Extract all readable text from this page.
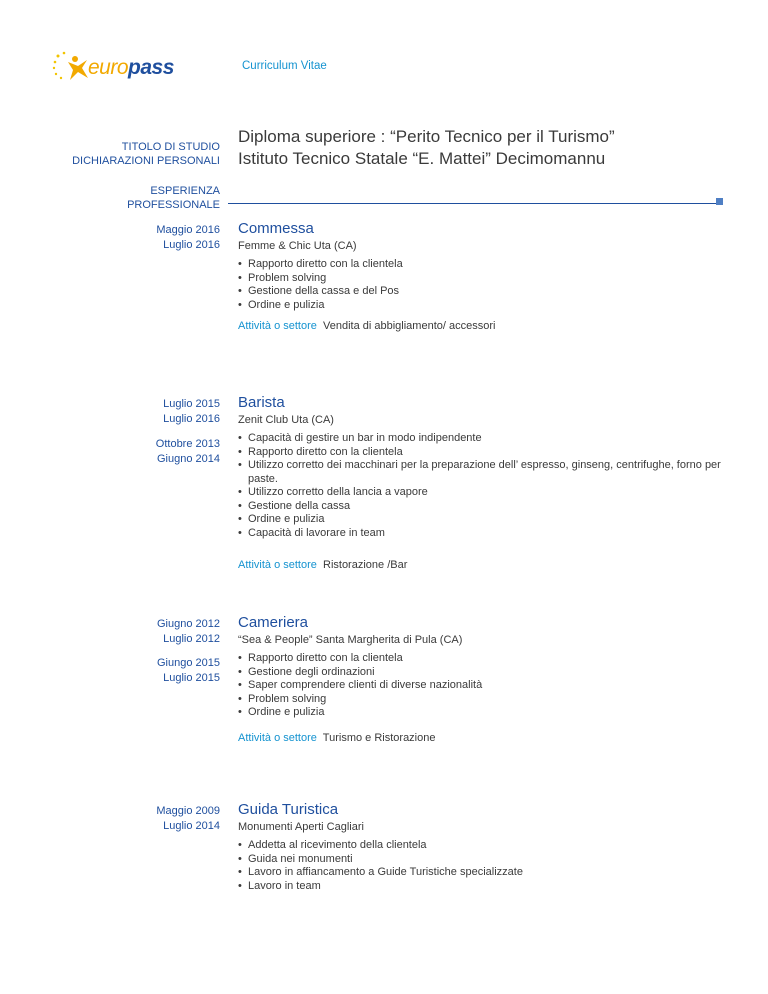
europass	Curriculum Vitae
TITOLO DI STUDIO
DICHIARAZIONI PERSONALI
Diploma superiore : “Perito Tecnico per il Turismo”
Istituto Tecnico Statale “E. Mattei” Decimomannu
ESPERIENZA
PROFESSIONALE
Maggio 2016
Luglio 2016
Commessa
Femme & Chic Uta (CA)
• Rapporto diretto con la clientela
• Problem solving
• Gestione della cassa e del Pos
• Ordine e pulizia
Attività o settore Vendita di abbigliamento/ accessori
Luglio 2015
Luglio 2016
Ottobre 2013
Giugno 2014
Barista
Zenit Club Uta (CA)
• Capacità di gestire un bar in modo indipendente
• Rapporto diretto con la clientela
• Utilizzo corretto dei macchinari per la preparazione dell’ espresso, ginseng, centrifughe, forno per paste.
• Utilizzo corretto della lancia a vapore
• Gestione della cassa
• Ordine e pulizia
• Capacità di lavorare in team
Attività o settore Ristorazione /Bar
Giugno 2012
Luglio 2012
Giungo 2015
Luglio 2015
Cameriera
“Sea & People” Santa Margherita di Pula (CA)
• Rapporto diretto con la clientela
• Gestione degli ordinazioni
• Saper comprendere clienti di diverse nazionalità
• Problem solving
• Ordine e pulizia
Attività o settore Turismo e Ristorazione
Maggio 2009
Luglio 2014
Guida Turistica
Monumenti Aperti Cagliari
• Addetta al ricevimento della clientela
• Guida nei monumenti
• Lavoro in affiancamento a Guide Turistiche specializzate
• Lavoro in team
